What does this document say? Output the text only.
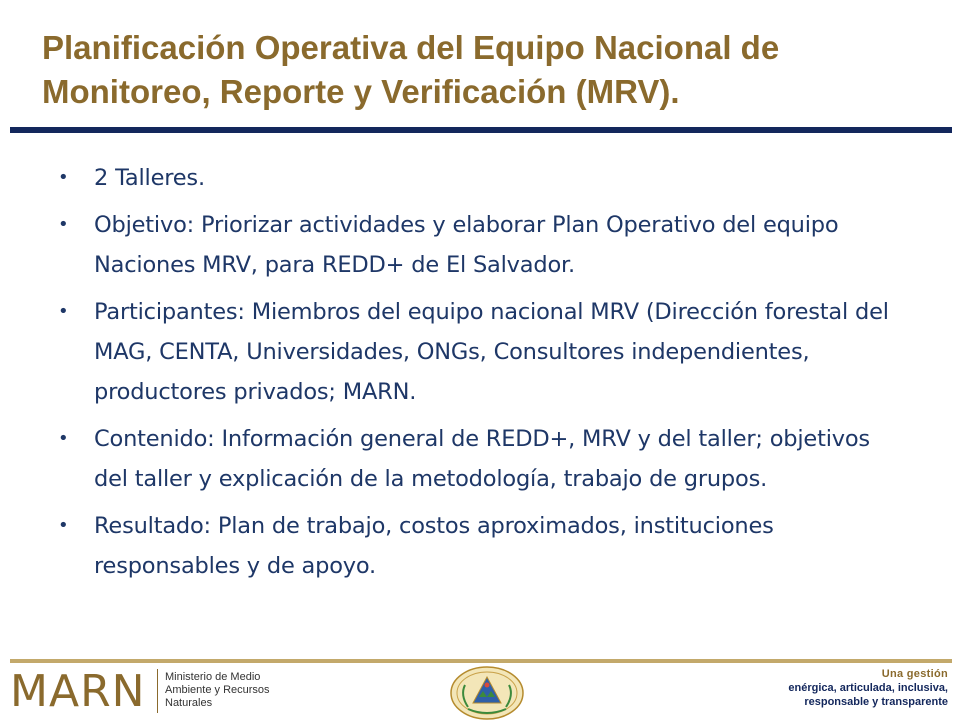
Planificación Operativa del Equipo Nacional de Monitoreo, Reporte y Verificación (MRV).
• 2 Talleres.
• Objetivo: Priorizar actividades y elaborar Plan Operativo del equipo Naciones MRV, para REDD+ de El Salvador.
• Participantes: Miembros del equipo nacional MRV (Dirección forestal del MAG, CENTA, Universidades, ONGs, Consultores independientes, productores privados; MARN.
• Contenido: Información general de REDD+, MRV y del taller; objetivos del taller y explicación de la metodología, trabajo de grupos.
• Resultado: Plan de trabajo, costos aproximados, instituciones responsables y de apoyo.
MARN Ministerio de Medio
Ambiente y Recursos
Naturales
Una gestión
enérgica, articulada, inclusiva,
responsable y transparente
